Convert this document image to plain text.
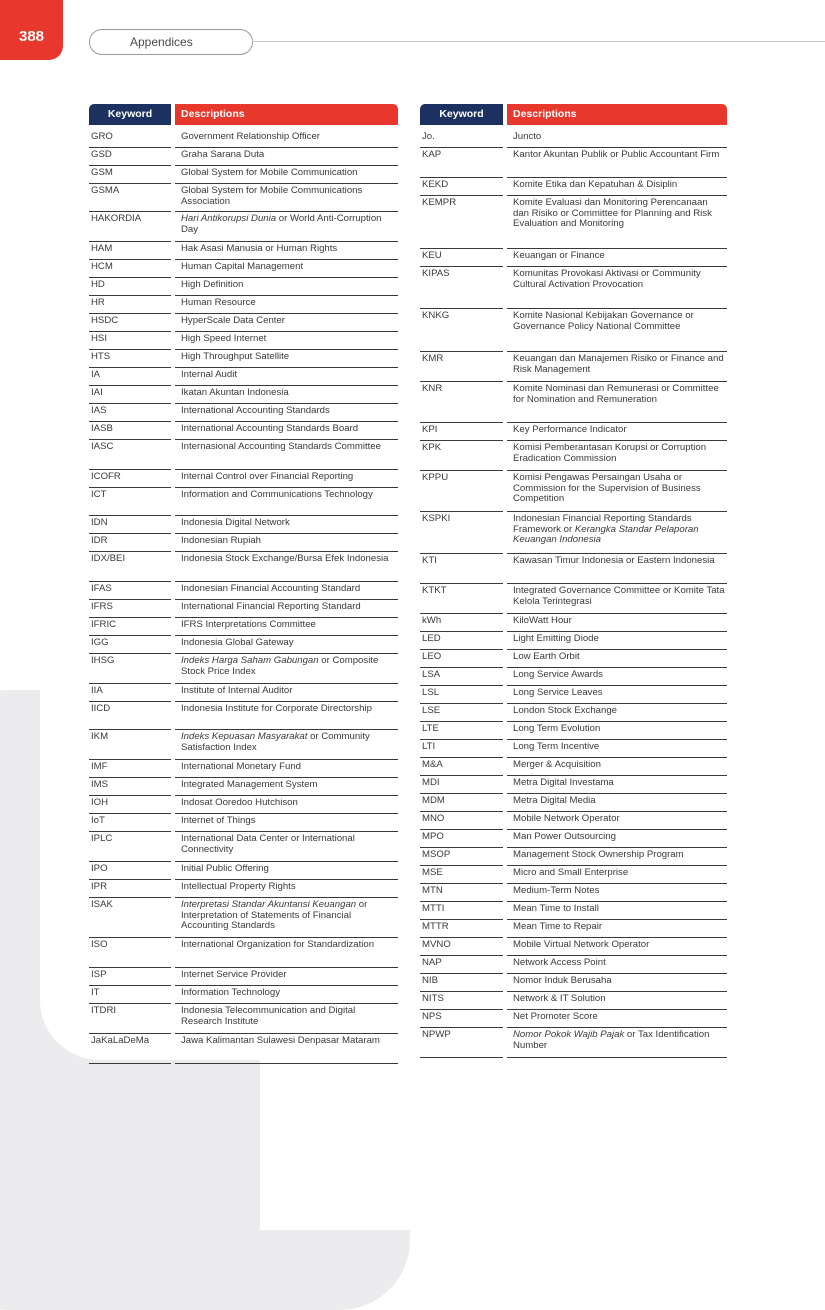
388	Appendices
Keyword	Descriptions
GRO	Government Relationship Officer
GSD	Graha Sarana Duta
GSM	Global System for Mobile Communication
GSMA	Global System for Mobile Communications Association
HAKORDIA	Hari Antikorupsi Dunia or World Anti-Corruption Day
HAM	Hak Asasi Manusia or Human Rights
HCM	Human Capital Management
HD	High Definition
HR	Human Resource
HSDC	HyperScale Data Center
HSI	High Speed Internet
HTS	High Throughput Satellite
IA	Internal Audit
IAI	Ikatan Akuntan Indonesia
IAS	International Accounting Standards
IASB	International Accounting Standards Board
IASC	Internasional Accounting Standards Committee
ICOFR	Internal Control over Financial Reporting
ICT	Information and Communications Technology
IDN	Indonesia Digital Network
IDR	Indonesian Rupiah
IDX/BEI	Indonesia Stock Exchange/Bursa Efek Indonesia
IFAS	Indonesian Financial Accounting Standard
IFRS	International Financial Reporting Standard
IFRIC	IFRS Interpretations Committee
IGG	Indonesia Global Gateway
IHSG	Indeks Harga Saham Gabungan or Composite Stock Price Index
IIA	Institute of Internal Auditor
IICD	Indonesia Institute for Corporate Directorship
IKM	Indeks Kepuasan Masyarakat or Community Satisfaction Index
IMF	International Monetary Fund
IMS	Integrated Management System
IOH	Indosat Ooredoo Hutchison
IoT	Internet of Things
IPLC	International Data Center or International Connectivity
IPO	Initial Public Offering
IPR	Intellectual Property Rights
ISAK	Interpretasi Standar Akuntansi Keuangan or Interpretation of Statements of Financial Accounting Standards
ISO	International Organization for Standardization
ISP	Internet Service Provider
IT	Information Technology
ITDRI	Indonesia Telecommunication and Digital Research Institute
JaKaLaDeMa	Jawa Kalimantan Sulawesi Denpasar Mataram
Keyword	Descriptions
Jo.	Juncto
KAP	Kantor Akuntan Publik or Public Accountant Firm
KEKD	Komite Etika dan Kepatuhan & Disiplin
KEMPR	Komite Evaluasi dan Monitoring Perencanaan dan Risiko or Committee for Planning and Risk Evaluation and Monitoring
KEU	Keuangan or Finance
KIPAS	Komunitas Provokasi Aktivasi or Community Cultural Activation Provocation
KNKG	Komite Nasional Kebijakan Governance or Governance Policy National Committee
KMR	Keuangan dan Manajemen Risiko or Finance and Risk Management
KNR	Komite Nominasi dan Remunerasi or Committee for Nomination and Remuneration
KPI	Key Performance Indicator
KPK	Komisi Pemberantasan Korupsi or Corruption Eradication Commission
KPPU	Komisi Pengawas Persaingan Usaha or Commission for the Supervision of Business Competition
KSPKI	Indonesian Financial Reporting Standards Framework or Kerangka Standar Pelaporan Keuangan Indonesia
KTI	Kawasan Timur Indonesia or Eastern Indonesia
KTKT	Integrated Governance Committee or Komite Tata Kelola Terintegrasi
kWh	KiloWatt Hour
LED	Light Emitting Diode
LEO	Low Earth Orbit
LSA	Long Service Awards
LSL	Long Service Leaves
LSE	London Stock Exchange
LTE	Long Term Evolution
LTI	Long Term Incentive
M&A	Merger & Acquisition
MDI	Metra Digital Investama
MDM	Metra Digital Media
MNO	Mobile Network Operator
MPO	Man Power Outsourcing
MSOP	Management Stock Ownership Program
MSE	Micro and Small Enterprise
MTN	Medium-Term Notes
MTTI	Mean Time to Install
MTTR	Mean Time to Repair
MVNO	Mobile Virtual Network Operator
NAP	Network Access Point
NIB	Nomor Induk Berusaha
NITS	Network & IT Solution
NPS	Net Promoter Score
NPWP	Nomor Pokok Wajib Pajak or Tax Identification Number
